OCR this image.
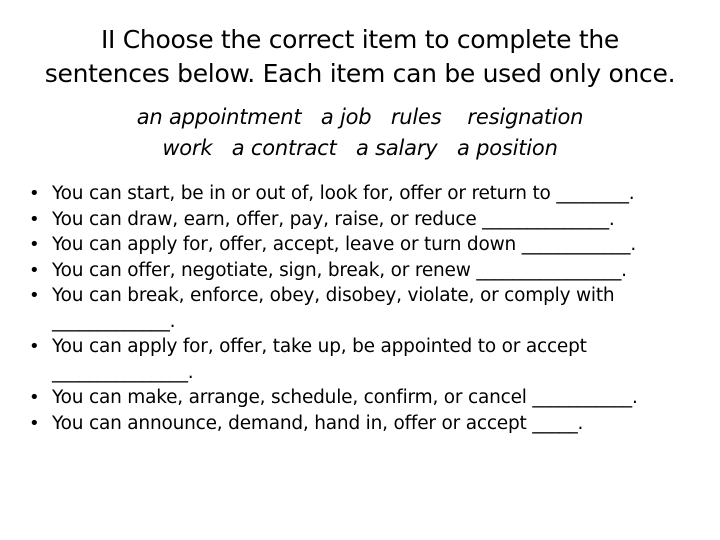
II Choose the correct item to complete the

sentences below. Each item can be used only once.

an appointment a job rules resignation
work a contract a salary a position
• You can start, be in or out of, look for, offer or return to ________.
• You can draw, earn, offer, pay, raise, or reduce ______________.
• You can apply for, offer, accept, leave or turn down ____________.
• You can offer, negotiate, sign, break, or renew ________________.
• You can break, enforce, obey, disobey, violate, or comply with
_____________.
• You can apply for, offer, take up, be appointed to or accept
_______________.
• You can make, arrange, schedule, confirm, or cancel ___________.
• You can announce, demand, hand in, offer or accept _____.
